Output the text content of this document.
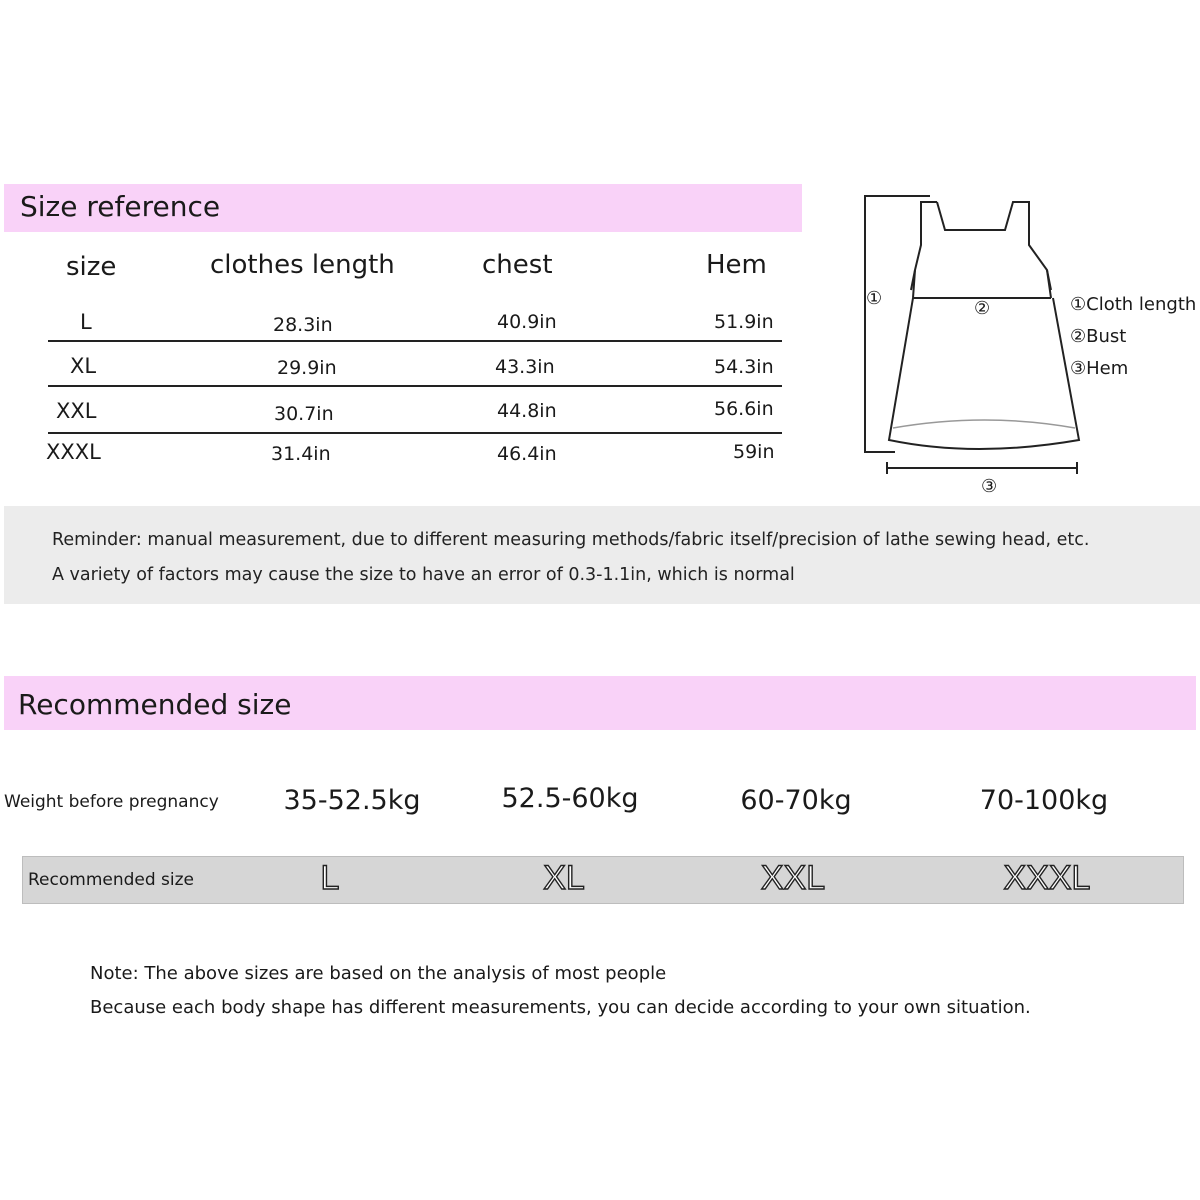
Size reference
size	clothes length	chest	Hem
L	28.3in	40.9in	51.9in
XL	29.9in	43.3in	54.3in
XXL	30.7in	44.8in	56.6in
XXXL	31.4in	46.4in	59in
①	②
③
①Cloth length
②Bust
③Hem
Reminder: manual measurement, due to different measuring methods/fabric itself/precision of lathe sewing head, etc.
A variety of factors may cause the size to have an error of 0.3-1.1in, which is normal
Recommended size
Weight before pregnancy	35-52.5kg	52.5-60kg	60-70kg	70-100kg
Recommended size	L	XL	XXL	XXXL
Note: The above sizes are based on the analysis of most people
Because each body shape has different measurements, you can decide according to your own situation.
